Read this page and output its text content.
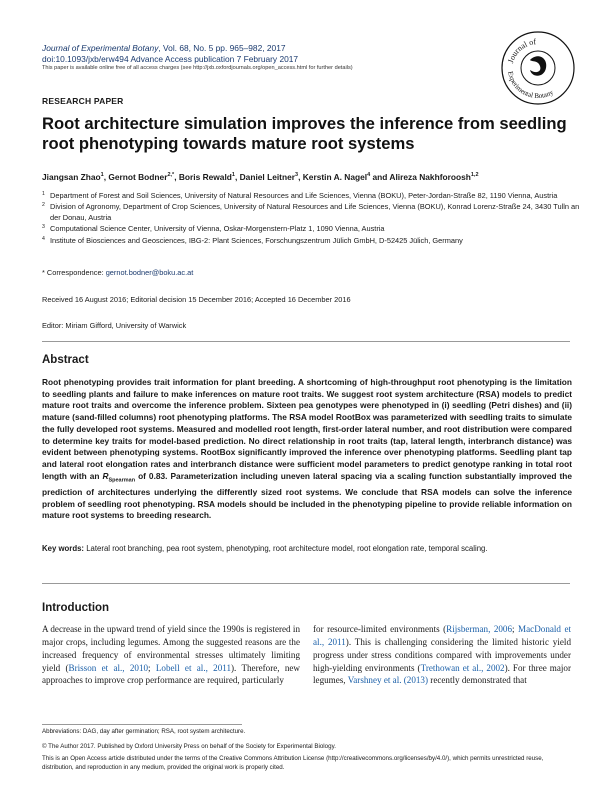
Journal of Experimental Botany, Vol. 68, No. 5 pp. 965–982, 2017
doi:10.1093/jxb/erw494 Advance Access publication 7 February 2017
This paper is available online free of all access charges (see http://jxb.oxfordjournals.org/open_access.html for further details)
Journal of
Experimental Botany
RESEARCH PAPER
Root architecture simulation improves the inference from seedling root phenotyping towards mature root systems
Jiangsan Zhao$^1$, Gernot Bodner$^{2,*}$, Boris Rewald$^1$, Daniel Leitner$^3$, Kerstin A. Nagel$^4$ and Alireza Nakhforoosh$^{1,2}$
1 Department of Forest and Soil Sciences, University of Natural Resources and Life Sciences, Vienna (BOKU), Peter-Jordan-Straße 82, 1190 Vienna, Austria
2 Division of Agronomy, Department of Crop Sciences, University of Natural Resources and Life Sciences, Vienna (BOKU), Konrad Lorenz-Straße 24, 3430 Tulln an der Donau, Austria
3 Computational Science Center, University of Vienna, Oskar-Morgenstern-Platz 1, 1090 Vienna, Austria
4 Institute of Biosciences and Geosciences, IBG-2: Plant Sciences, Forschungszentrum Jülich GmbH, D-52425 Jülich, Germany
* Correspondence: gernot.bodner@boku.ac.at
Received 16 August 2016; Editorial decision 15 December 2016; Accepted 16 December 2016
Editor: Miriam Gifford, University of Warwick
Abstract
Root phenotyping provides trait information for plant breeding. A shortcoming of high-throughput root phenotyping is the limitation to seedling plants and failure to make inferences on mature root traits. We suggest root system architecture (RSA) models to predict mature root traits and overcome the inference problem. Sixteen pea genotypes were phenotyped in (i) seedling (Petri dishes) and (ii) mature (sand-filled columns) root phenotyping platforms. The RSA model RootBox was parameterized with seedling traits to simulate the fully developed root systems. Measured and modelled root length, first-order lateral number, and root distribution were compared to determine key traits for model-based prediction. No direct relationship in root traits (tap, lateral length, interbranch distance) was evident between phenotyping systems. RootBox significantly improved the inference over phenotyping platforms. Seedling plant tap and lateral root elongation rates and interbranch distance were sufficient model parameters to predict genotype ranking in total root length with an $R_{Spearman}$ of 0.83. Parameterization including uneven lateral spacing via a scaling function substantially improved the prediction of architectures underlying the differently sized root systems. We conclude that RSA models can solve the inference problem of seedling root phenotyping. RSA models should be included in the phenotyping pipeline to provide reliable information on mature root systems to breeding research.
Key words: Lateral root branching, pea root system, phenotyping, root architecture model, root elongation rate, temporal scaling.
Introduction
A decrease in the upward trend of yield since the 1990s is registered in major crops, including legumes. Among the suggested reasons are the increased frequency of environmental stresses ultimately limiting yield (Brisson et al., 2010; Lobell et al., 2011). Therefore, new approaches to improve crop performance are required, particularly
for resource-limited environments (Rijsberman, 2006; MacDonald et al., 2011). This is challenging considering the limited historic yield progress under stress conditions compared with improvements under high-yielding environments (Trethowan et al., 2002). For three major legumes, Varshney et al. (2013) recently demonstrated that
Abbreviations: DAG, day after germination; RSA, root system architecture.
© The Author 2017. Published by Oxford University Press on behalf of the Society for Experimental Biology.
This is an Open Access article distributed under the terms of the Creative Commons Attribution License (http://creativecommons.org/licenses/by/4.0/), which permits unrestricted reuse, distribution, and reproduction in any medium, provided the original work is properly cited.
